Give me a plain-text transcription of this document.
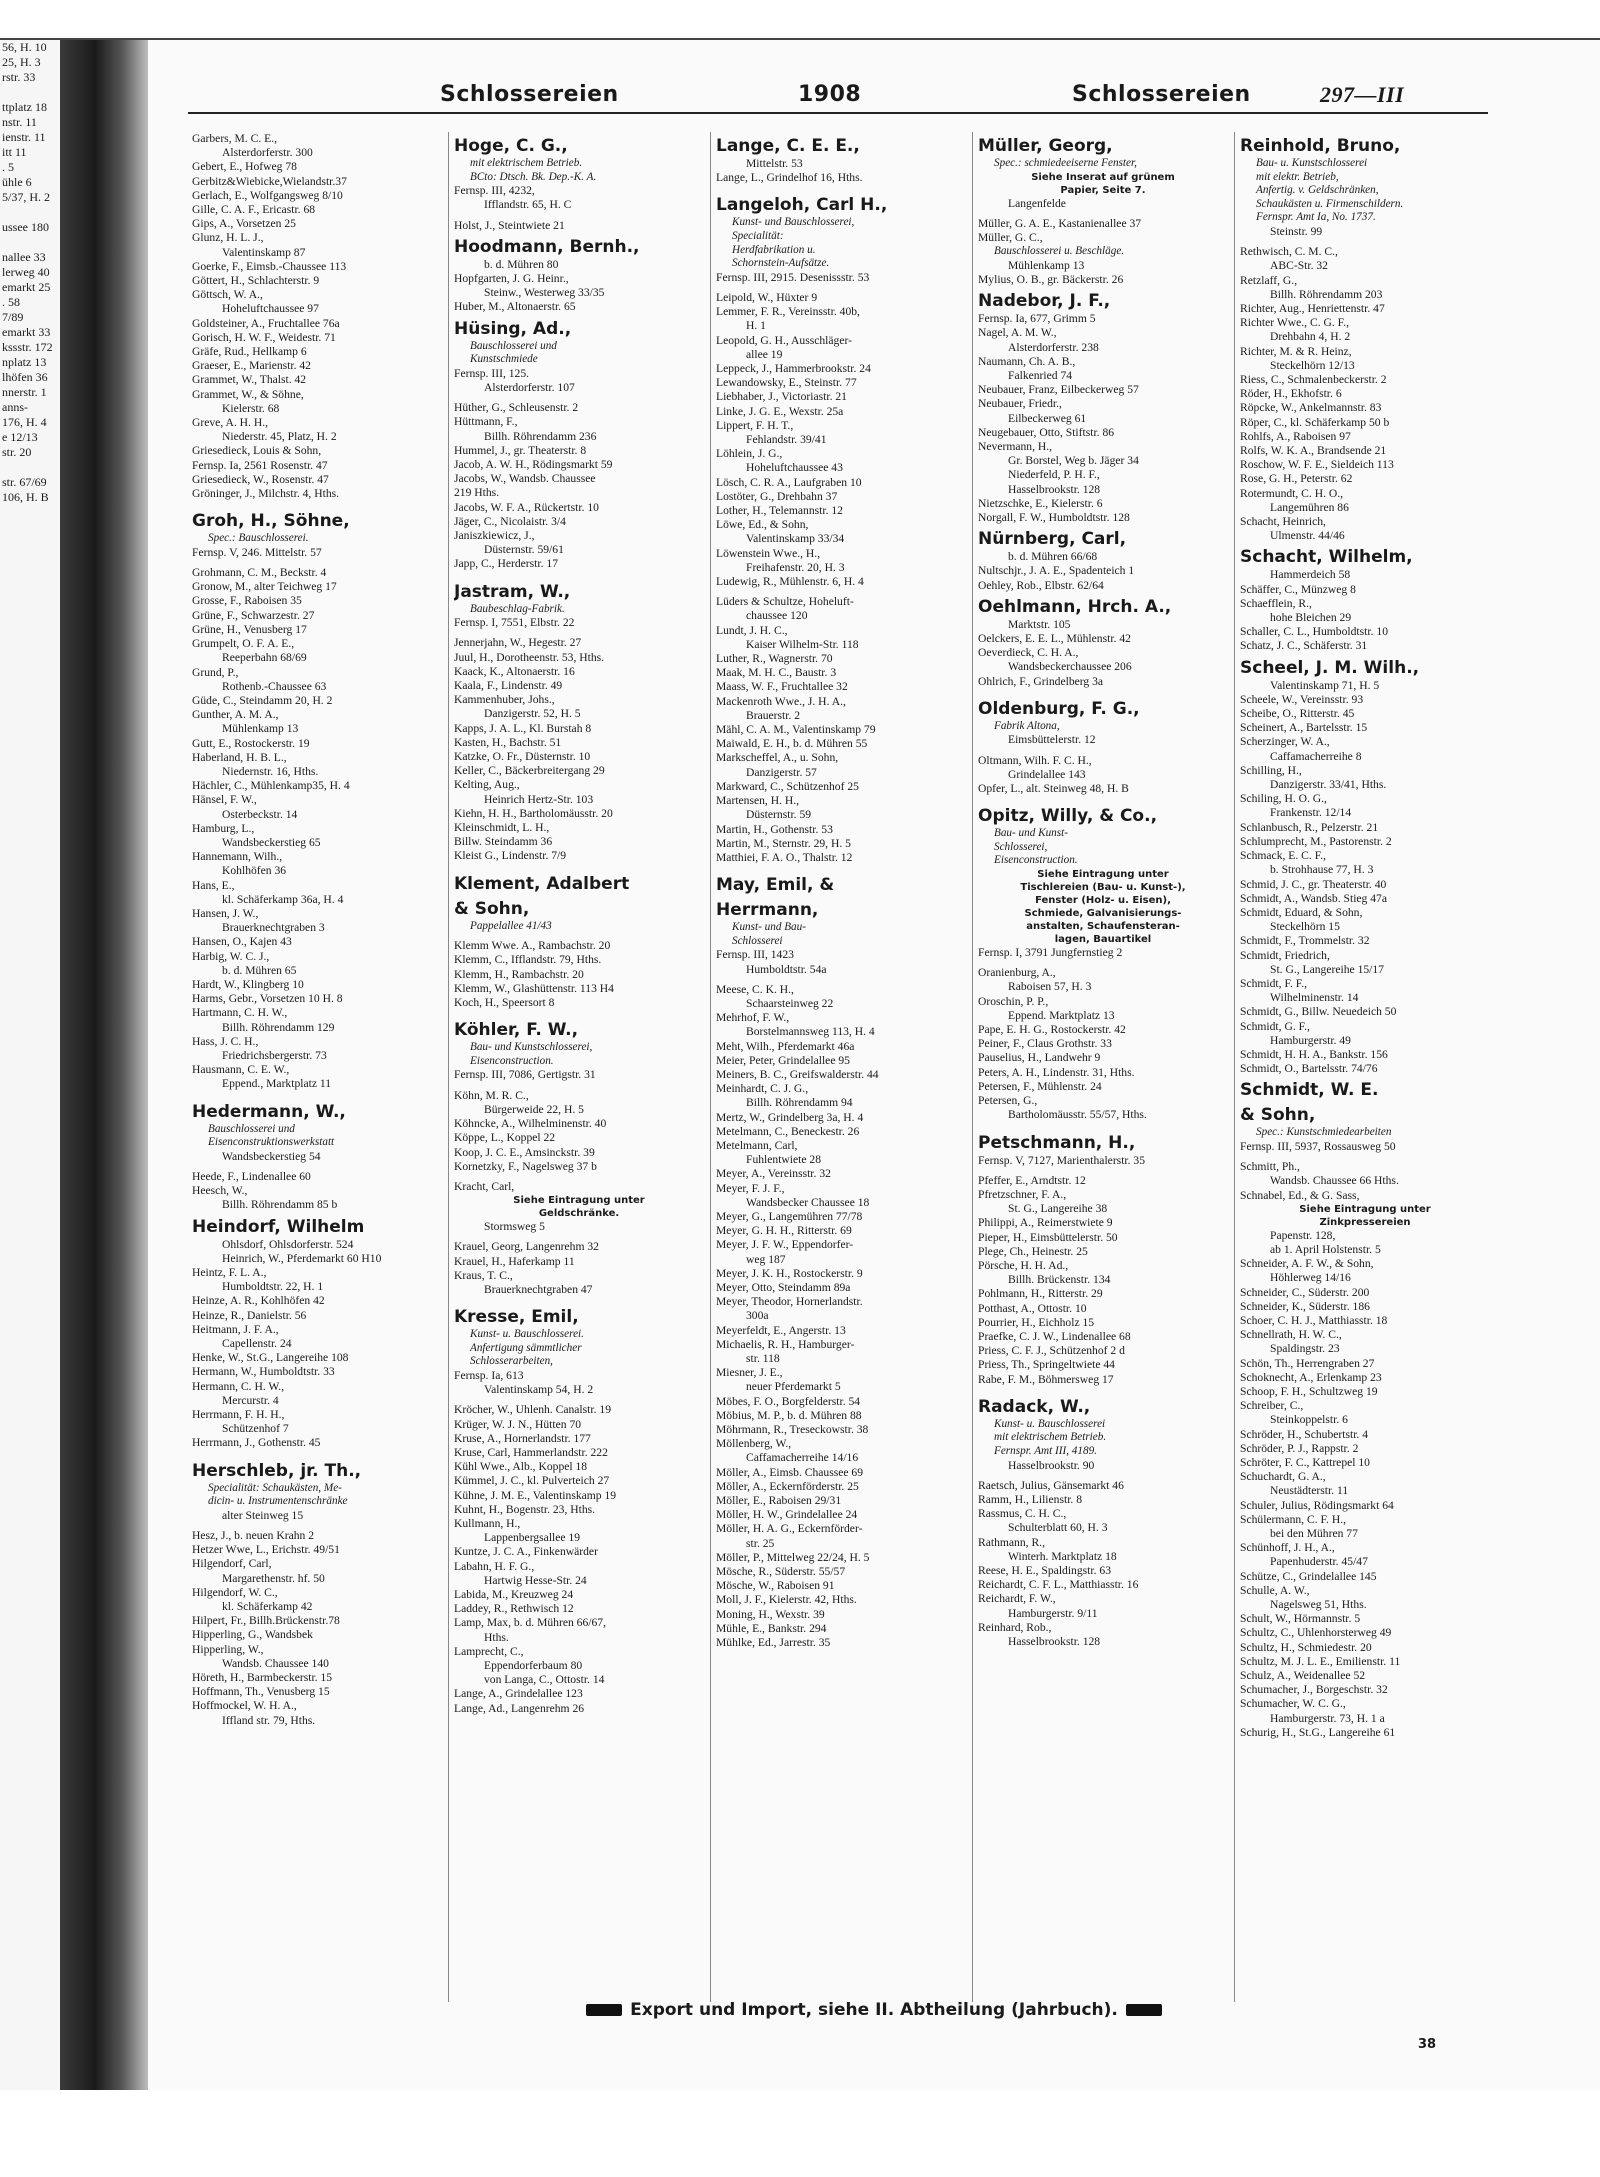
56, H. 10
25, H. 3
rstr. 33

ttplatz 18
nstr. 11
ienstr. 11
itt 11
. 5
ühle 6
5/37, H. 2

ussee 180

nallee 33
lerweg 40
emarkt 25
. 58
7/89
emarkt 33
kssstr. 172
nplatz 13
lhöfen 36
nnerstr. 1
anns-
176, H. 4
e 12/13
str. 20

str. 67/69
106, H. B
Schlossereien	1908	Schlossereien	297—III
Garbers, M. C. E.,
Alsterdorferstr. 300
Gebert, E., Hofweg 78
Gerbitz&Wiebicke,Wielandstr.37
Gerlach, E., Wolfgangsweg 8/10
Gille, C. A. F., Ericastr. 68
Gips, A., Vorsetzen 25
Glunz, H. L. J.,
Valentinskamp 87
Goerke, F., Eimsb.-Chaussee 113
Göttert, H., Schlachterstr. 9
Göttsch, W. A.,
Hoheluftchaussee 97
Goldsteiner, A., Fruchtallee 76a
Gorisch, H. W. F., Weidestr. 71
Gräfe, Rud., Hellkamp 6
Graeser, E., Marienstr. 42
Grammet, W., Thalst. 42
Grammet, W., & Söhne,
Kielerstr. 68
Greve, A. H. H.,
Niederstr. 45, Platz, H. 2
Griesedieck, Louis & Sohn,
Fernsp. Ia, 2561 Rosenstr. 47
Griesedieck, W., Rosenstr. 47
Gröninger, J., Milchstr. 4, Hths.
Groh, H., Söhne,
Spec.: Bauschlosserei.
Fernsp. V, 246. Mittelstr. 57
Grohmann, C. M., Beckstr. 4
Gronow, M., alter Teichweg 17
Grosse, F., Raboisen 35
Grüne, F., Schwarzestr. 27
Grüne, H., Venusberg 17
Grumpelt, O. F. A. E.,
Reeperbahn 68/69
Grund, P.,
Rothenb.-Chaussee 63
Güde, C., Steindamm 20, H. 2
Gunther, A. M. A.,
Mühlenkamp 13
Gutt, E., Rostockerstr. 19
Haberland, H. B. L.,
Niedernstr. 16, Hths.
Hächler, C., Mühlenkamp35, H. 4
Hänsel, F. W.,
Osterbeckstr. 14
Hamburg, L.,
Wandsbeckerstieg 65
Hannemann, Wilh.,
Kohlhöfen 36
Hans, E.,
kl. Schäferkamp 36a, H. 4
Hansen, J. W.,
Brauerknechtgraben 3
Hansen, O., Kajen 43
Harbig, W. C. J.,
b. d. Mühren 65
Hardt, W., Klingberg 10
Harms, Gebr., Vorsetzen 10 H. 8
Hartmann, C. H. W.,
Billh. Röhrendamm 129
Hass, J. C. H.,
Friedrichsbergerstr. 73
Hausmann, C. E. W.,
Eppend., Marktplatz 11
Hedermann, W.,
Bauschlosserei und
Eisenconstruktionswerkstatt
Wandsbeckerstieg 54
Heede, F., Lindenallee 60
Heesch, W.,
Billh. Röhrendamm 85 b
Heindorf, Wilhelm
Ohlsdorf, Ohlsdorferstr. 524
Heinrich, W., Pferdemarkt 60 H10
Heintz, F. L. A.,
Humboldtstr. 22, H. 1
Heinze, A. R., Kohlhöfen 42
Heinze, R., Danielstr. 56
Heitmann, J. F. A.,
Capellenstr. 24
Henke, W., St.G., Langereihe 108
Hermann, W., Humboldtstr. 33
Hermann, C. H. W.,
Mercurstr. 4
Herrmann, F. H. H.,
Schützenhof 7
Herrmann, J., Gothenstr. 45
Herschleb, jr. Th.,
Specialität: Schaukästen, Me-
dicin- u. Instrumentenschränke
alter Steinweg 15
Hesz, J., b. neuen Krahn 2
Hetzer Wwe, L., Erichstr. 49/51
Hilgendorf, Carl,
Margarethenstr. hf. 50
Hilgendorf, W. C.,
kl. Schäferkamp 42
Hilpert, Fr., Billh.Brückenstr.78
Hipperling, G., Wandsbek
Hipperling, W.,
Wandsb. Chaussee 140
Höreth, H., Barmbeckerstr. 15
Hoffmann, Th., Venusberg 15
Hoffmockel, W. H. A.,
Iffland str. 79, Hths.
Hoge, C. G.,
mit elektrischem Betrieb.
BCto: Dtsch. Bk. Dep.-K. A.
Fernsp. III, 4232,
Ifflandstr. 65, H. C
Holst, J., Steintwiete 21
Hoodmann, Bernh.,
b. d. Mühren 80
Hopfgarten, J. G. Heinr.,
Steinw., Westerweg 33/35
Huber, M., Altonaerstr. 65
Hüsing, Ad.,
Bauschlosserei und
Kunstschmiede
Fernsp. III, 125.
Alsterdorferstr. 107
Hüther, G., Schleusenstr. 2
Hüttmann, F.,
Billh. Röhrendamm 236
Hummel, J., gr. Theaterstr. 8
Jacob, A. W. H., Rödingsmarkt 59
Jacobs, W., Wandsb. Chaussee
219 Hths.
Jacobs, W. F. A., Rückertstr. 10
Jäger, C., Nicolaistr. 3/4
Janiszkiewicz, J.,
Düsternstr. 59/61
Japp, C., Herderstr. 17
Jastram, W.,
Baubeschlag-Fabrik.
Fernsp. I, 7551, Elbstr. 22
Jennerjahn, W., Hegestr. 27
Juul, H., Dorotheenstr. 53, Hths.
Kaack, K., Altonaerstr. 16
Kaala, F., Lindenstr. 49
Kammenhuber, Johs.,
Danzigerstr. 52, H. 5
Kapps, J. A. L., Kl. Burstah 8
Kasten, H., Bachstr. 51
Katzke, O. Fr., Düsternstr. 10
Keller, C., Bäckerbreitergang 29
Kelting, Aug.,
Heinrich Hertz-Str. 103
Kiehn, H. H., Bartholomäusstr. 20
Kleinschmidt, L. H.,
Billw. Steindamm 36
Kleist G., Lindenstr. 7/9
Klement, Adalbert
& Sohn,
Pappelallee 41/43
Klemm Wwe. A., Rambachstr. 20
Klemm, C., Ifflandstr. 79, Hths.
Klemm, H., Rambachstr. 20
Klemm, W., Glashüttenstr. 113 H4
Koch, H., Speersort 8
Köhler, F. W.,
Bau- und Kunstschlosserei,
Eisenconstruction.
Fernsp. III, 7086, Gertigstr. 31
Köhn, M. R. C.,
Bürgerweide 22, H. 5
Köhncke, A., Wilhelminenstr. 40
Köppe, L., Koppel 22
Koop, J. C. E., Amsinckstr. 39
Kornetzky, F., Nagelsweg 37 b
Kracht, Carl,
Siehe Eintragung unter
Geldschränke.
Stormsweg 5
Krauel, Georg, Langenrehm 32
Krauel, H., Haferkamp 11
Kraus, T. C.,
Brauerknechtgraben 47
Kresse, Emil,
Kunst- u. Bauschlosserei.
Anfertigung sämmtlicher
Schlosserarbeiten,
Fernsp. Ia, 613
Valentinskamp 54, H. 2
Kröcher, W., Uhlenh. Canalstr. 19
Krüger, W. J. N., Hütten 70
Kruse, A., Hornerlandstr. 177
Kruse, Carl, Hammerlandstr. 222
Kühl Wwe., Alb., Koppel 18
Kümmel, J. C., kl. Pulverteich 27
Kühne, J. M. E., Valentinskamp 19
Kuhnt, H., Bogenstr. 23, Hths.
Kullmann, H.,
Lappenbergsallee 19
Kuntze, J. C. A., Finkenwärder
Labahn, H. F. G.,
Hartwig Hesse-Str. 24
Labida, M., Kreuzweg 24
Laddey, R., Rethwisch 12
Lamp, Max, b. d. Mühren 66/67,
Hths.
Lamprecht, C.,
Eppendorferbaum 80
von Langa, C., Ottostr. 14
Lange, A., Grindelallee 123
Lange, Ad., Langenrehm 26
Lange, C. E. E.,
Mittelstr. 53
Lange, L., Grindelhof 16, Hths.
Langeloh, Carl H.,
Kunst- und Bauschlosserei,
Specialität:
Herdfabrikation u.
Schornstein-Aufsätze.
Fernsp. III, 2915. Desenissstr. 53
Leipold, W., Hüxter 9
Lemmer, F. R., Vereinsstr. 40b,
H. 1
Leopold, G. H., Ausschläger-
allee 19
Leppeck, J., Hammerbrookstr. 24
Lewandowsky, E., Steinstr. 77
Liebhaber, J., Victoriastr. 21
Linke, J. G. E., Wexstr. 25a
Lippert, F. H. T.,
Fehlandstr. 39/41
Löhlein, J. G.,
Hoheluftchaussee 43
Lösch, C. R. A., Laufgraben 10
Lostöter, G., Drehbahn 37
Lother, H., Telemannstr. 12
Löwe, Ed., & Sohn,
Valentinskamp 33/34
Löwenstein Wwe., H.,
Freihafenstr. 20, H. 3
Ludewig, R., Mühlenstr. 6, H. 4
Lüders & Schultze, Hoheluft-
chaussee 120
Lundt, J. H. C.,
Kaiser Wilhelm-Str. 118
Luther, R., Wagnerstr. 70
Maak, M. H. C., Baustr. 3
Maass, W. F., Fruchtallee 32
Mackenroth Wwe., J. H. A.,
Brauerstr. 2
Mähl, C. A. M., Valentinskamp 79
Maiwald, E. H., b. d. Mühren 55
Markscheffel, A., u. Sohn,
Danzigerstr. 57
Markward, C., Schützenhof 25
Martensen, H. H.,
Düsternstr. 59
Martin, H., Gothenstr. 53
Martin, M., Sternstr. 29, H. 5
Matthiei, F. A. O., Thalstr. 12
May, Emil, &
Herrmann,
Kunst- und Bau-
Schlosserei
Fernsp. III, 1423
Humboldtstr. 54a
Meese, C. K. H.,
Schaarsteinweg 22
Mehrhof, F. W.,
Borstelmannsweg 113, H. 4
Meht, Wilh., Pferdemarkt 46a
Meier, Peter, Grindelallee 95
Meiners, B. C., Greifswalderstr. 44
Meinhardt, C. J. G.,
Billh. Röhrendamm 94
Mertz, W., Grindelberg 3a, H. 4
Metelmann, C., Beneckestr. 26
Metelmann, Carl,
Fuhlentwiete 28
Meyer, A., Vereinsstr. 32
Meyer, F. J. F.,
Wandsbecker Chaussee 18
Meyer, G., Langemühren 77/78
Meyer, G. H. H., Ritterstr. 69
Meyer, J. F. W., Eppendorfer-
weg 187
Meyer, J. K. H., Rostockerstr. 9
Meyer, Otto, Steindamm 89a
Meyer, Theodor, Hornerlandstr.
300a
Meyerfeldt, E., Angerstr. 13
Michaelis, R. H., Hamburger-
str. 118
Miesner, J. E.,
neuer Pferdemarkt 5
Möbes, F. O., Borgfelderstr. 54
Möbius, M. P., b. d. Mühren 88
Möhrmann, R., Treseckowstr. 38
Möllenberg, W.,
Caffamacherreihe 14/16
Möller, A., Eimsb. Chaussee 69
Möller, A., Eckernförderstr. 25
Möller, E., Raboisen 29/31
Möller, H. W., Grindelallee 24
Möller, H. A. G., Eckernförder-
str. 25
Möller, P., Mittelweg 22/24, H. 5
Mösche, R., Süderstr. 55/57
Mösche, W., Raboisen 91
Moll, J. F., Kielerstr. 42, Hths.
Moning, H., Wexstr. 39
Mühle, E., Bankstr. 294
Mühlke, Ed., Jarrestr. 35
Müller, Georg,
Spec.: schmiedeeiserne Fenster,
Siehe Inserat auf grünem
Papier, Seite 7.
Langenfelde
Müller, G. A. E., Kastanienallee 37
Müller, G. C.,
Bauschlosserei u. Beschläge.
Mühlenkamp 13
Mylius, O. B., gr. Bäckerstr. 26
Nadebor, J. F.,
Fernsp. Ia, 677, Grimm 5
Nagel, A. M. W.,
Alsterdorferstr. 238
Naumann, Ch. A. B.,
Falkenried 74
Neubauer, Franz, Eilbeckerweg 57
Neubauer, Friedr.,
Eilbeckerweg 61
Neugebauer, Otto, Stiftstr. 86
Nevermann, H.,
Gr. Borstel, Weg b. Jäger 34
Niederfeld, P. H. F.,
Hasselbrookstr. 128
Nietzschke, E., Kielerstr. 6
Norgall, F. W., Humboldtstr. 128
Nürnberg, Carl,
b. d. Mühren 66/68
Nultschjr., J. A. E., Spadenteich 1
Oehley, Rob., Elbstr. 62/64
Oehlmann, Hrch. A.,
Marktstr. 105
Oelckers, E. E. L., Mühlenstr. 42
Oeverdieck, C. H. A.,
Wandsbeckerchaussee 206
Ohlrich, F., Grindelberg 3a
Oldenburg, F. G.,
Fabrik Altona,
Eimsbüttelerstr. 12
Oltmann, Wilh. F. C. H.,
Grindelallee 143
Opfer, L., alt. Steinweg 48, H. B
Opitz, Willy, & Co.,
Bau- und Kunst-
Schlosserei,
Eisenconstruction.
Siehe Eintragung unter
Tischlereien (Bau- u. Kunst-),
Fenster (Holz- u. Eisen),
Schmiede, Galvanisierungs-
anstalten, Schaufensteran-
lagen, Bauartikel
Fernsp. I, 3791 Jungfernstieg 2
Oranienburg, A.,
Raboisen 57, H. 3
Oroschin, P. P.,
Eppend. Marktplatz 13
Pape, E. H. G., Rostockerstr. 42
Peiner, F., Claus Grothstr. 33
Pauselius, H., Landwehr 9
Peters, A. H., Lindenstr. 31, Hths.
Petersen, F., Mühlenstr. 24
Petersen, G.,
Bartholomäusstr. 55/57, Hths.
Petschmann, H.,
Fernsp. V, 7127, Marienthalerstr. 35
Pfeffer, E., Arndtstr. 12
Pfretzschner, F. A.,
St. G., Langereihe 38
Philippi, A., Reimerstwiete 9
Pieper, H., Eimsbüttelerstr. 50
Plege, Ch., Heinestr. 25
Pörsche, H. H. Ad.,
Billh. Brückenstr. 134
Pohlmann, H., Ritterstr. 29
Potthast, A., Ottostr. 10
Pourrier, H., Eichholz 15
Praefke, C. J. W., Lindenallee 68
Priess, C. F. J., Schützenhof 2 d
Priess, Th., Springeltwiete 44
Rabe, F. M., Böhmersweg 17
Radack, W.,
Kunst- u. Bauschlosserei
mit elektrischem Betrieb.
Fernspr. Amt III, 4189.
Hasselbrookstr. 90
Raetsch, Julius, Gänsemarkt 46
Ramm, H., Lilienstr. 8
Rassmus, C. H. C.,
Schulterblatt 60, H. 3
Rathmann, R.,
Winterh. Marktplatz 18
Reese, H. E., Spaldingstr. 63
Reichardt, C. F. L., Matthiasstr. 16
Reichardt, F. W.,
Hamburgerstr. 9/11
Reinhard, Rob.,
Hasselbrookstr. 128
Reinhold, Bruno,
Bau- u. Kunstschlosserei
mit elektr. Betrieb,
Anfertig. v. Geldschränken,
Schaukästen u. Firmenschildern.
Fernspr. Amt Ia, No. 1737.
Steinstr. 99
Rethwisch, C. M. C.,
ABC-Str. 32
Retzlaff, G.,
Billh. Röhrendamm 203
Richter, Aug., Henriettenstr. 47
Richter Wwe., C. G. F.,
Drehbahn 4, H. 2
Richter, M. & R. Heinz,
Steckelhörn 12/13
Riess, C., Schmalenbeckerstr. 2
Röder, H., Ekhofstr. 6
Röpcke, W., Ankelmannstr. 83
Röper, C., kl. Schäferkamp 50 b
Rohlfs, A., Raboisen 97
Rolfs, W. K. A., Brandsende 21
Roschow, W. F. E., Sieldeich 113
Rose, G. H., Peterstr. 62
Rotermundt, C. H. O.,
Langemühren 86
Schacht, Heinrich,
Ulmenstr. 44/46
Schacht, Wilhelm,
Hammerdeich 58
Schäffer, C., Münzweg 8
Schaefflein, R.,
hohe Bleichen 29
Schaller, C. L., Humboldtstr. 10
Schatz, J. C., Schäferstr. 31
Scheel, J. M. Wilh.,
Valentinskamp 71, H. 5
Scheele, W., Vereinsstr. 93
Scheibe, O., Ritterstr. 45
Scheinert, A., Bartelsstr. 15
Scherzinger, W. A.,
Caffamacherreihe 8
Schilling, H.,
Danzigerstr. 33/41, Hths.
Schiling, H. O. G.,
Frankenstr. 12/14
Schlanbusch, R., Pelzerstr. 21
Schlumprecht, M., Pastorenstr. 2
Schmack, E. C. F.,
b. Strohhause 77, H. 3
Schmid, J. C., gr. Theaterstr. 40
Schmidt, A., Wandsb. Stieg 47a
Schmidt, Eduard, & Sohn,
Steckelhörn 15
Schmidt, F., Trommelstr. 32
Schmidt, Friedrich,
St. G., Langereihe 15/17
Schmidt, F. F.,
Wilhelminenstr. 14
Schmidt, G., Billw. Neuedeich 50
Schmidt, G. F.,
Hamburgerstr. 49
Schmidt, H. H. A., Bankstr. 156
Schmidt, O., Bartelsstr. 74/76
Schmidt, W. E.
& Sohn,
Spec.: Kunstschmiedearbeiten
Fernsp. III, 5937, Rossausweg 50
Schmitt, Ph.,
Wandsb. Chaussee 66 Hths.
Schnabel, Ed., & G. Sass,
Siehe Eintragung unter
Zinkpressereien
Papenstr. 128,
ab 1. April Holstenstr. 5
Schneider, A. F. W., & Sohn,
Höhlerweg 14/16
Schneider, C., Süderstr. 200
Schneider, K., Süderstr. 186
Schoer, C. H. J., Matthiasstr. 18
Schnellrath, H. W. C.,
Spaldingstr. 23
Schön, Th., Herrengraben 27
Schoknecht, A., Erlenkamp 23
Schoop, F. H., Schultzweg 19
Schreiber, C.,
Steinkoppelstr. 6
Schröder, H., Schubertstr. 4
Schröder, P. J., Rappstr. 2
Schröter, F. C., Kattrepel 10
Schuchardt, G. A.,
Neustädterstr. 11
Schuler, Julius, Rödingsmarkt 64
Schülermann, C. F. H.,
bei den Mühren 77
Schünhoff, J. H., A.,
Papenhuderstr. 45/47
Schütze, C., Grindelallee 145
Schulle, A. W.,
Nagelsweg 51, Hths.
Schult, W., Hörmannstr. 5
Schultz, C., Uhlenhorsterweg 49
Schultz, H., Schmiedestr. 20
Schultz, M. J. L. E., Emilienstr. 11
Schulz, A., Weidenallee 52
Schumacher, J., Borgeschstr. 32
Schumacher, W. C. G.,
Hamburgerstr. 73, H. 1 a
Schurig, H., St.G., Langereihe 61
Export und Import, siehe II. Abtheilung (Jahrbuch).
38
